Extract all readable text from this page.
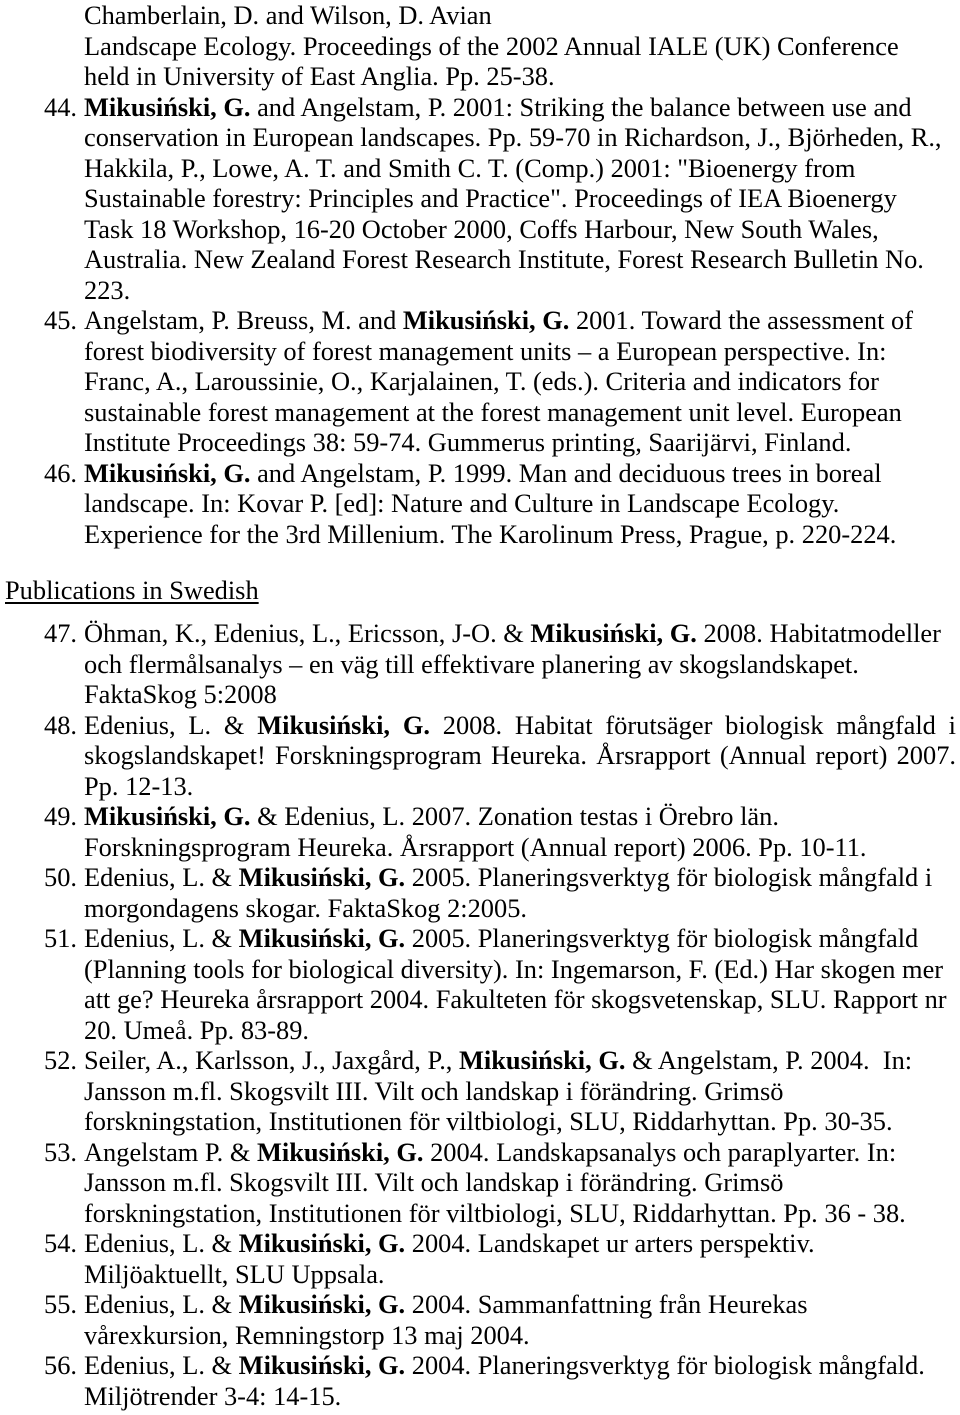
Chamberlain, D. and Wilson, D. Avian
Landscape Ecology. Proceedings of the 2002 Annual IALE (UK) Conference
held in University of East Anglia. Pp. 25-38.
44. Mikusiński, G. and Angelstam, P. 2001: Striking the balance between use and
conservation in European landscapes. Pp. 59-70 in Richardson, J., Björheden, R.,
Hakkila, P., Lowe, A. T. and Smith C. T. (Comp.) 2001: "Bioenergy from
Sustainable forestry: Principles and Practice". Proceedings of IEA Bioenergy
Task 18 Workshop, 16-20 October 2000, Coffs Harbour, New South Wales,
Australia. New Zealand Forest Research Institute, Forest Research Bulletin No.
223.
45. Angelstam, P. Breuss, M. and Mikusiński, G. 2001. Toward the assessment of
forest biodiversity of forest management units – a European perspective. In:
Franc, A., Laroussinie, O., Karjalainen, T. (eds.). Criteria and indicators for
sustainable forest management at the forest management unit level. European
Institute Proceedings 38: 59-74. Gummerus printing, Saarijärvi, Finland.
46. Mikusiński, G. and Angelstam, P. 1999. Man and deciduous trees in boreal
landscape. In: Kovar P. [ed]: Nature and Culture in Landscape Ecology.
Experience for the 3rd Millenium. The Karolinum Press, Prague, p. 220-224.
Publications in Swedish
47. Öhman, K., Edenius, L., Ericsson, J-O. & Mikusiński, G. 2008. Habitatmodeller
och flermålsanalys – en väg till effektivare planering av skogslandskapet.
FaktaSkog 5:2008
48. Edenius, L. & Mikusiński, G. 2008. Habitat förutsäger biologisk mångfald i
skogslandskapet! Forskningsprogram Heureka. Årsrapport (Annual report) 2007.
Pp. 12-13.
49. Mikusiński, G. & Edenius, L. 2007. Zonation testas i Örebro län.
Forskningsprogram Heureka. Årsrapport (Annual report) 2006. Pp. 10-11.
50. Edenius, L. & Mikusiński, G. 2005. Planeringsverktyg för biologisk mångfald i
morgondagens skogar. FaktaSkog 2:2005.
51. Edenius, L. & Mikusiński, G. 2005. Planeringsverktyg för biologisk mångfald
(Planning tools for biological diversity). In: Ingemarson, F. (Ed.) Har skogen mer
att ge? Heureka årsrapport 2004. Fakulteten för skogsvetenskap, SLU. Rapport nr
20. Umeå. Pp. 83-89.
52. Seiler, A., Karlsson, J., Jaxgård, P., Mikusiński, G. & Angelstam, P. 2004.  In:
Jansson m.fl. Skogsvilt III. Vilt och landskap i förändring. Grimsö
forskningstation, Institutionen för viltbiologi, SLU, Riddarhyttan. Pp. 30-35.
53. Angelstam P. & Mikusiński, G. 2004. Landskapsanalys och paraplyarter. In:
Jansson m.fl. Skogsvilt III. Vilt och landskap i förändring. Grimsö
forskningstation, Institutionen för viltbiologi, SLU, Riddarhyttan. Pp. 36 - 38.
54. Edenius, L. & Mikusiński, G. 2004. Landskapet ur arters perspektiv.
Miljöaktuellt, SLU Uppsala.
55. Edenius, L. & Mikusiński, G. 2004. Sammanfattning från Heurekas
vårexkursion, Remningstorp 13 maj 2004.
56. Edenius, L. & Mikusiński, G. 2004. Planeringsverktyg för biologisk mångfald.
Miljötrender 3-4: 14-15.
